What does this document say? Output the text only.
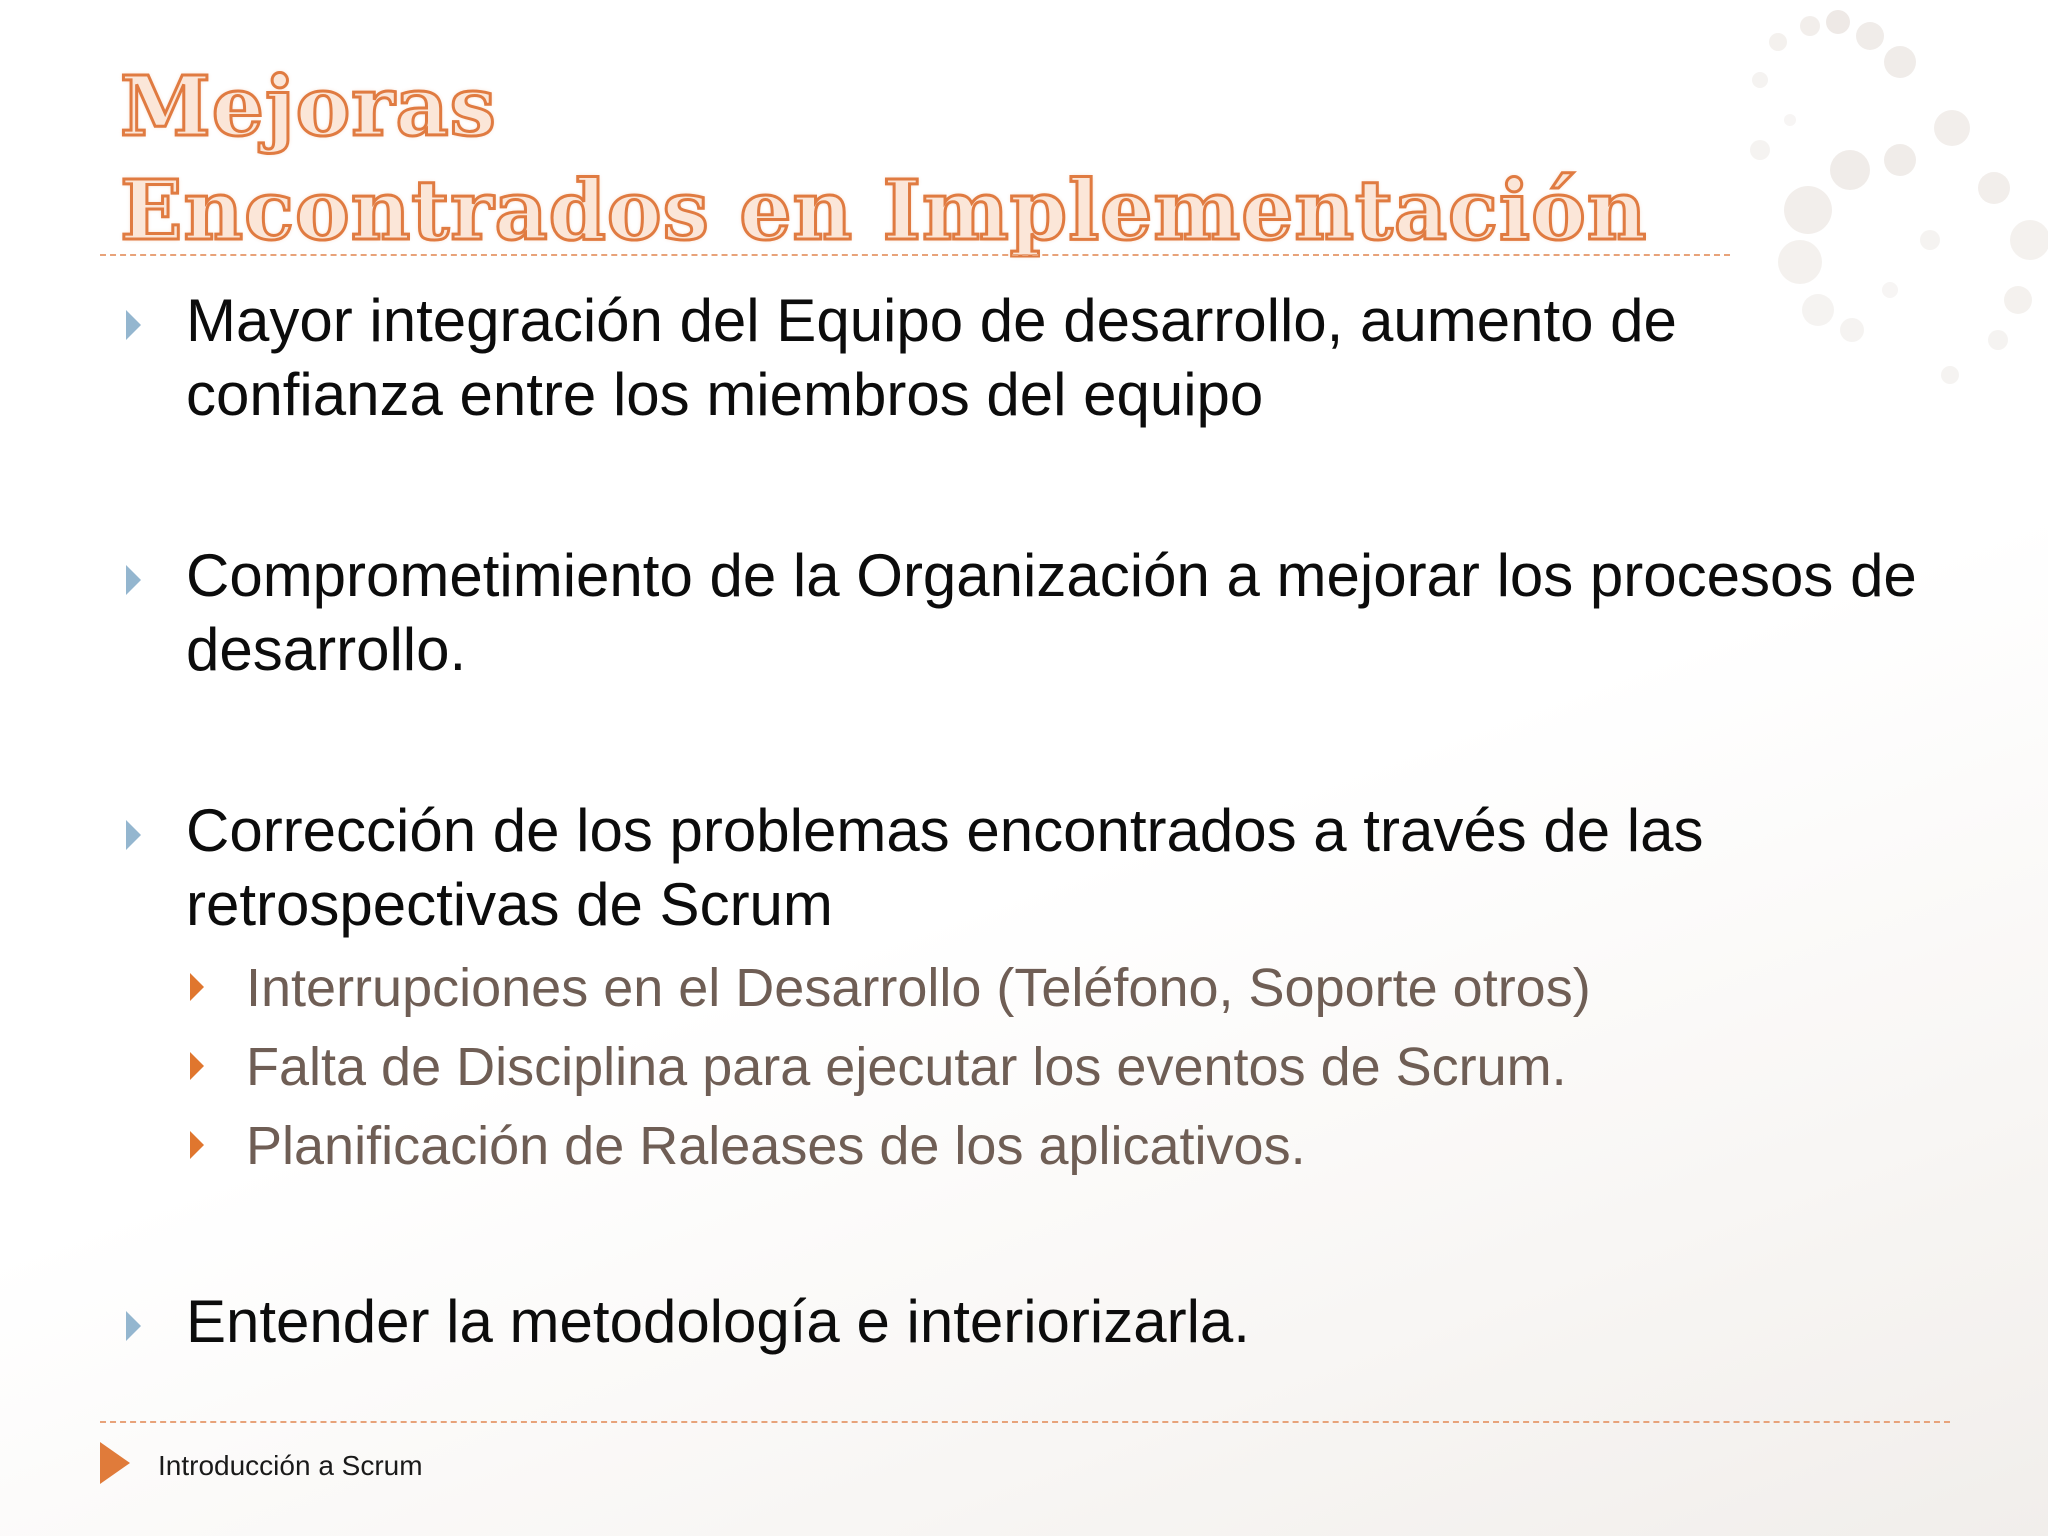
Mejoras
Encontrados en Implementación
Mayor integración del Equipo de desarrollo, aumento de confianza entre los miembros del equipo
Comprometimiento de la Organización a mejorar los procesos de desarrollo.
Corrección de los problemas encontrados a través de las retrospectivas de Scrum
Interrupciones en el Desarrollo (Teléfono, Soporte otros)
Falta de Disciplina para ejecutar los eventos de Scrum.
Planificación de Raleases de los aplicativos.
Entender la metodología e interiorizarla.
Introducción a Scrum
